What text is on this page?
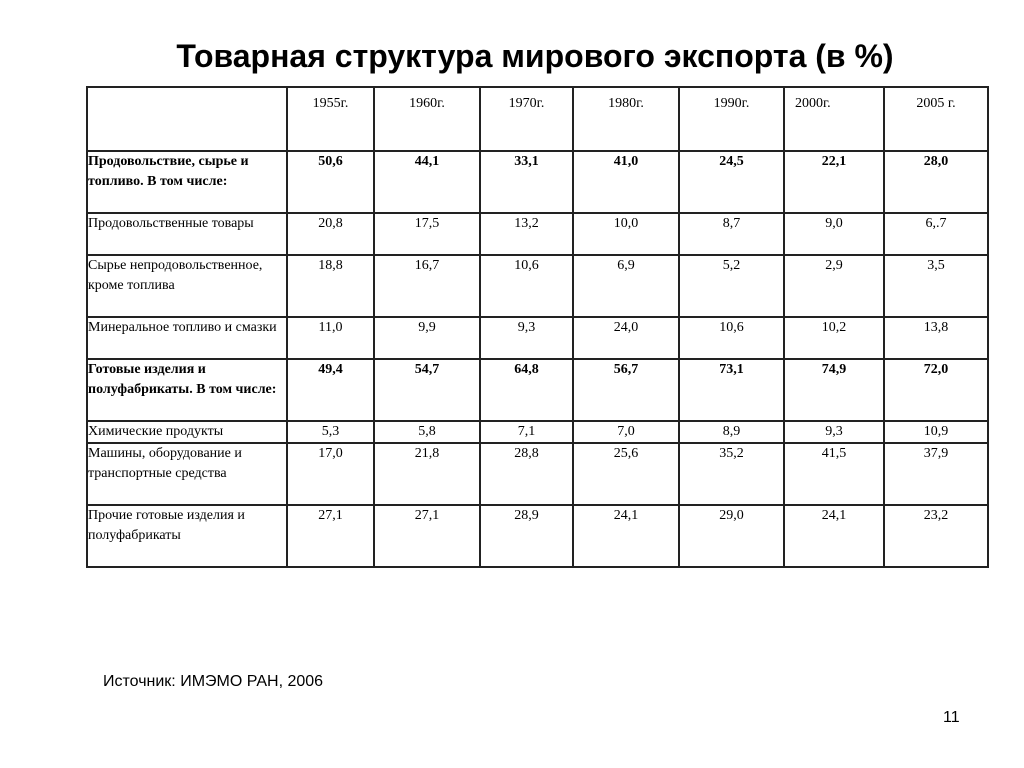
Товарная структура мирового экспорта (в %)
	1955г.	1960г.	1970г.	1980г.	1990г.	2000г.	2005 г.
Продовольствие, сырье и топливо. В том числе:	50,6	44,1	33,1	41,0	24,5	22,1	28,0
Продовольственные товары	20,8	17,5	13,2	10,0	8,7	9,0	6,.7
Сырье непродовольственное, кроме топлива	18,8	16,7	10,6	6,9	5,2	2,9	3,5
Минеральное топливо и смазки	11,0	9,9	9,3	24,0	10,6	10,2	13,8
Готовые изделия и полуфабрикаты. В том числе:	49,4	54,7	64,8	56,7	73,1	74,9	72,0
Химические продукты	5,3	5,8	7,1	7,0	8,9	9,3	10,9
Машины, оборудование и транспортные средства	17,0	21,8	28,8	25,6	35,2	41,5	37,9
Прочие готовые изделия и полуфабрикаты	27,1	27,1	28,9	24,1	29,0	24,1	23,2
Источник: ИМЭМО РАН, 2006
11
